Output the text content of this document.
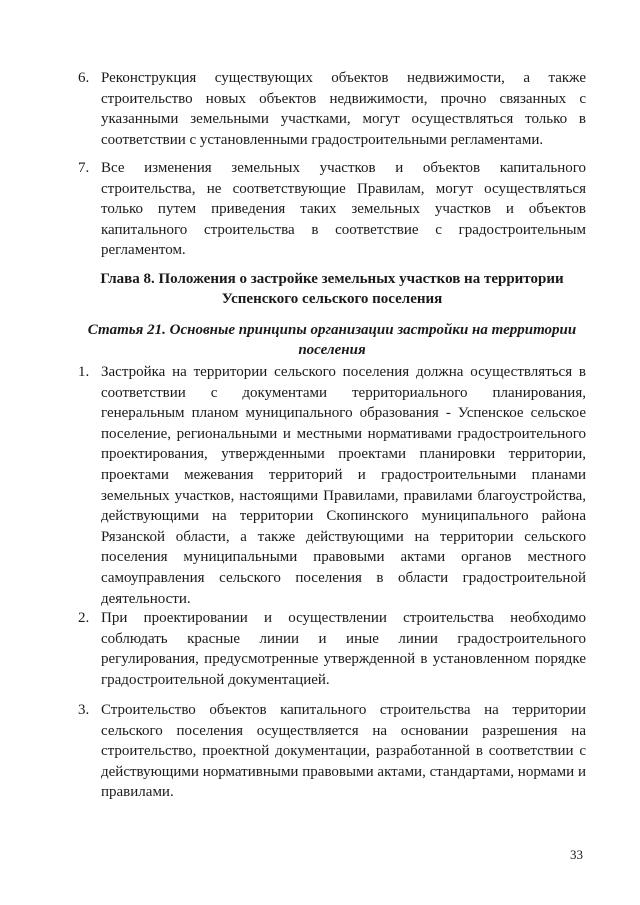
6. Реконструкция существующих объектов недвижимости, а также строительство новых объектов недвижимости, прочно связанных с указанными земельными участками, могут осуществляться только в соответствии с установленными градостроительными регламентами.
7. Все изменения земельных участков и объектов капитального строительства, не соответствующие Правилам, могут осуществляться только путем приведения таких земельных участков и объектов капитального строительства в соответствие с градостроительным регламентом.
Глава 8. Положения о застройке земельных участков на территории
Успенского сельского поселения
Статья 21. Основные принципы организации застройки на территории
поселения
1. Застройка на территории сельского поселения должна осуществляться в соответствии с документами территориального планирования, генеральным планом муниципального образования - Успенское сельское поселение, региональными и местными нормативами градостроительного проектирования, утвержденными проектами планировки территории, проектами межевания территорий и градостроительными планами земельных участков, настоящими Правилами, правилами благоустройства, действующими на территории Скопинского муниципального района Рязанской области, а также действующими на территории сельского поселения муниципальными правовыми актами органов местного самоуправления сельского поселения в области градостроительной деятельности.
2. При проектировании и осуществлении строительства необходимо соблюдать красные линии и иные линии градостроительного регулирования, предусмотренные утвержденной в установленном порядке градостроительной документацией.
3. Строительство объектов капитального строительства на территории сельского поселения осуществляется на основании разрешения на строительство, проектной документации, разработанной в соответствии с действующими нормативными правовыми актами, стандартами, нормами и правилами.
33
